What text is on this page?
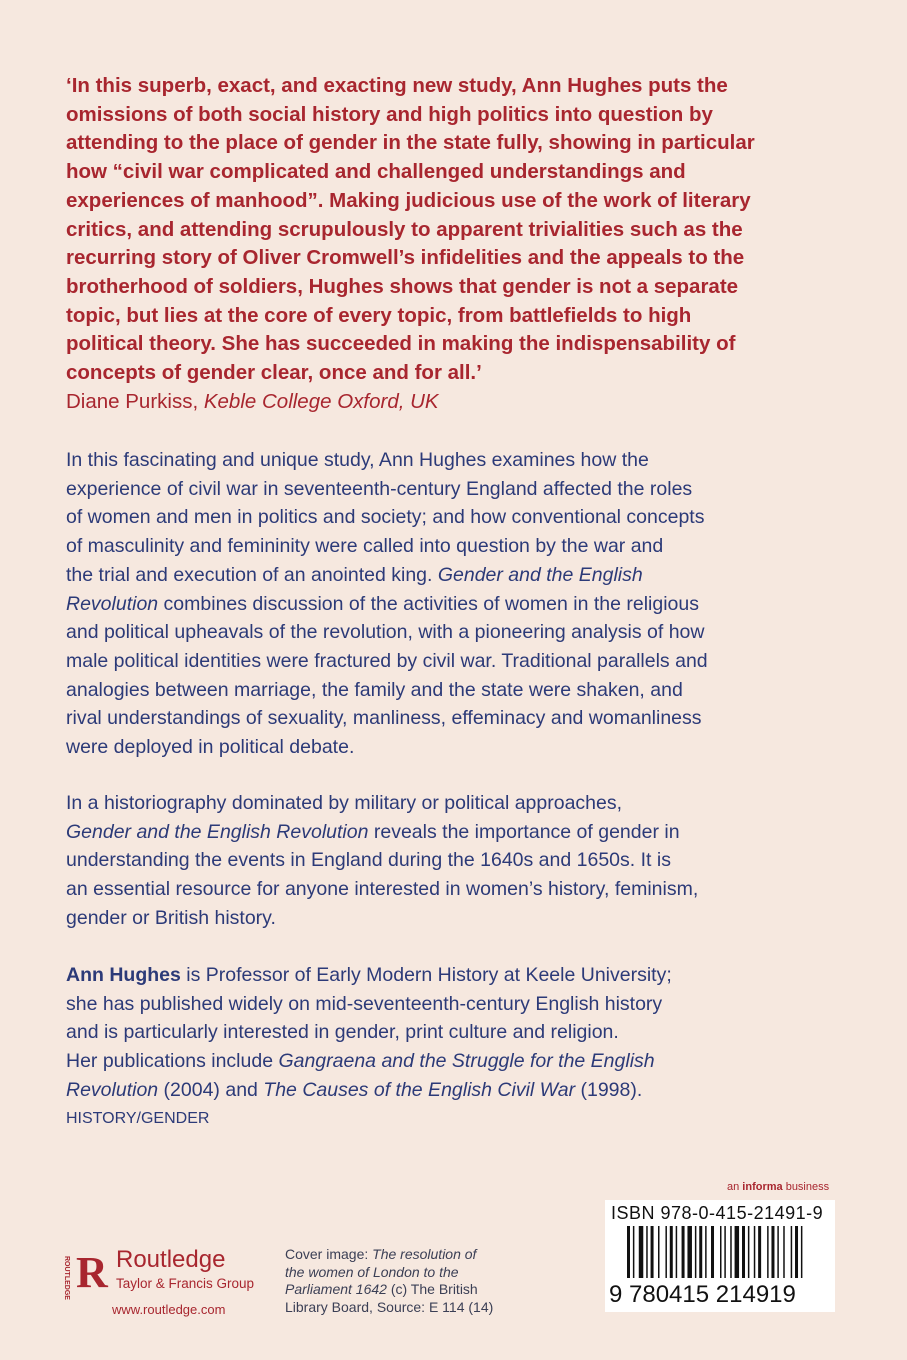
‘In this superb, exact, and exacting new study, Ann Hughes puts the
omissions of both social history and high politics into question by
attending to the place of gender in the state fully, showing in particular
how “civil war complicated and challenged understandings and
experiences of manhood”. Making judicious use of the work of literary
critics, and attending scrupulously to apparent trivialities such as the
recurring story of Oliver Cromwell’s infidelities and the appeals to the
brotherhood of soldiers, Hughes shows that gender is not a separate
topic, but lies at the core of every topic, from battlefields to high
political theory. She has succeeded in making the indispensability of
concepts of gender clear, once and for all.’
Diane Purkiss, Keble College Oxford, UK
In this fascinating and unique study, Ann Hughes examines how the
experience of civil war in seventeenth-century England affected the roles
of women and men in politics and society; and how conventional concepts
of masculinity and femininity were called into question by the war and
the trial and execution of an anointed king. Gender and the English
Revolution combines discussion of the activities of women in the religious
and political upheavals of the revolution, with a pioneering analysis of how
male political identities were fractured by civil war. Traditional parallels and
analogies between marriage, the family and the state were shaken, and
rival understandings of sexuality, manliness, effeminacy and womanliness
were deployed in political debate.
In a historiography dominated by military or political approaches,
Gender and the English Revolution reveals the importance of gender in
understanding the events in England during the 1640s and 1650s. It is
an essential resource for anyone interested in women’s history, feminism,
gender or British history.
Ann Hughes is Professor of Early Modern History at Keele University;
she has published widely on mid-seventeenth-century English history
and is particularly interested in gender, print culture and religion.
Her publications include Gangraena and the Struggle for the English
Revolution (2004) and The Causes of the English Civil War (1998).
HISTORY/GENDER
ROUTLEDGE R Routledge
Taylor & Francis Group
www.routledge.com
Cover image: The resolution of
the women of London to the
Parliament 1642 (c) The British
Library Board, Source: E 114 (14)
an informa business
ISBN 978-0-415-21491-9
9 780415 214919
